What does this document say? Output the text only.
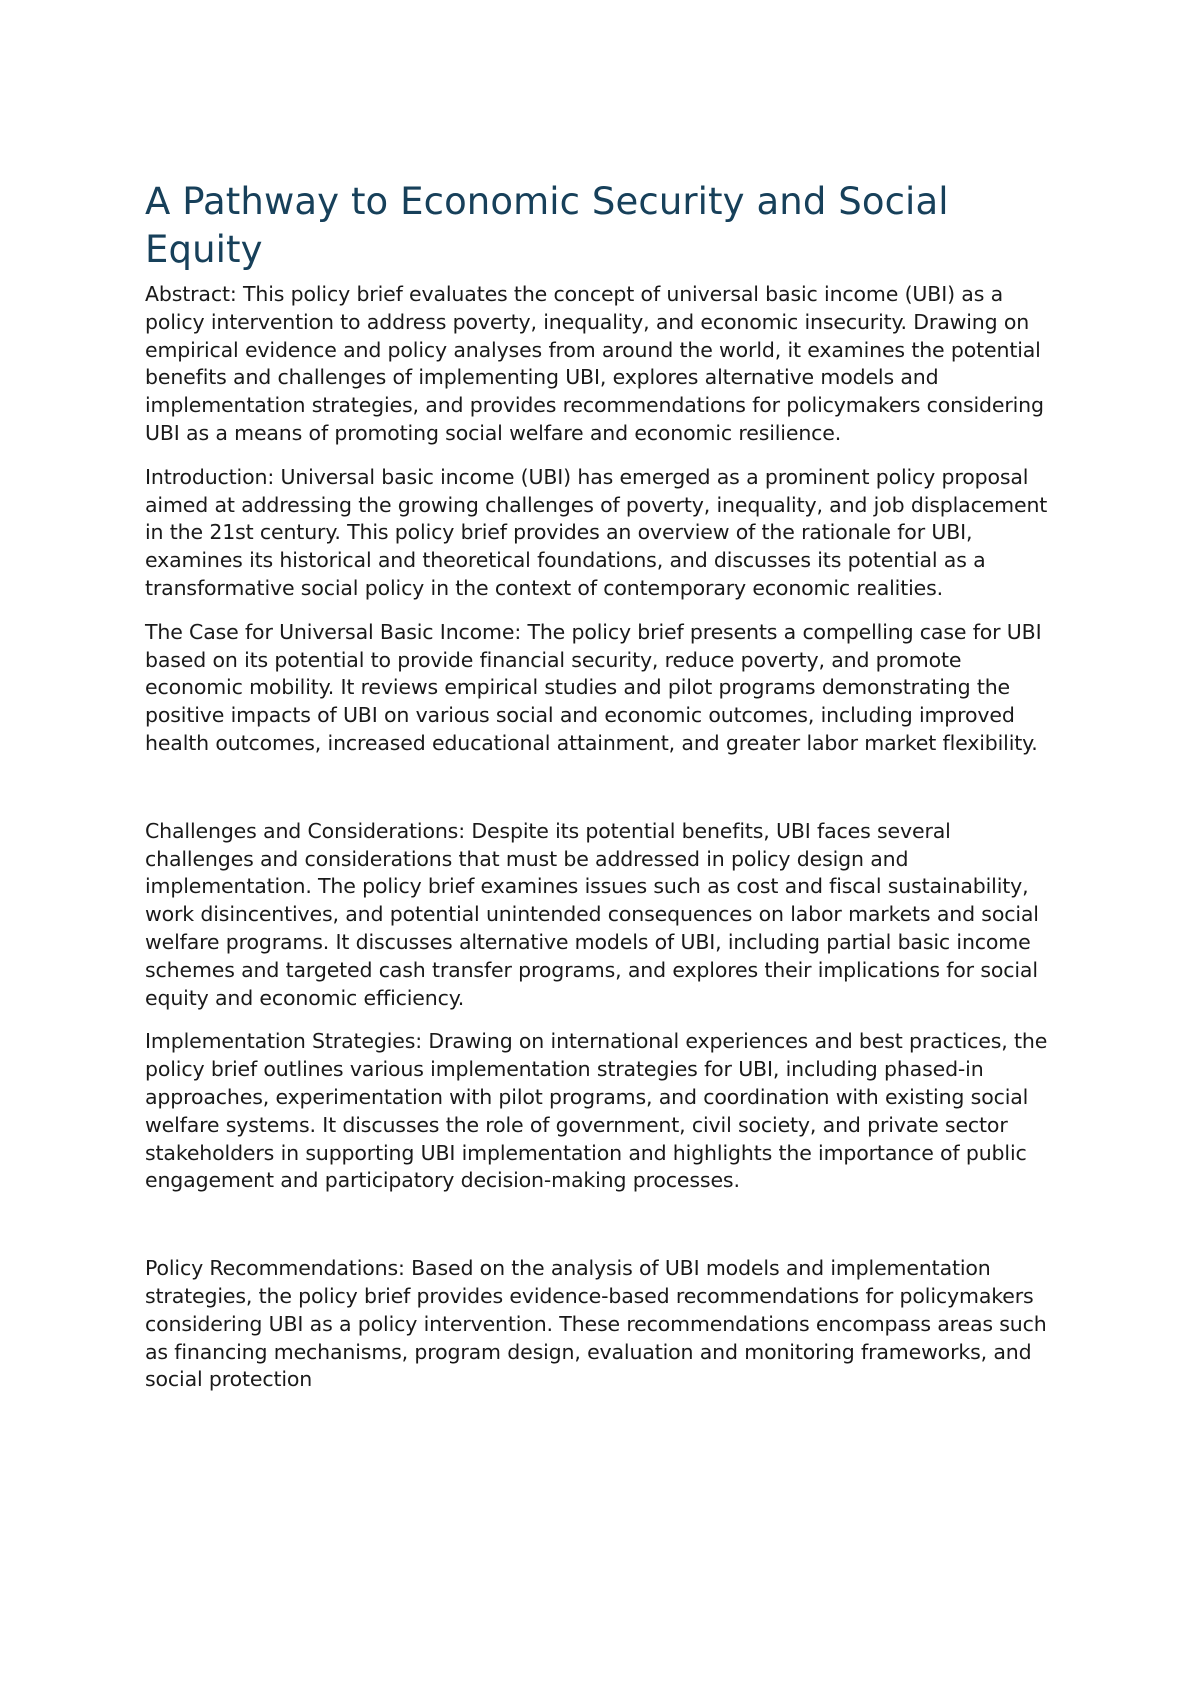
A Pathway to Economic Security and Social Equity

Abstract: This policy brief evaluates the concept of universal basic income (UBI) as a policy intervention to address poverty, inequality, and economic insecurity. Drawing on empirical evidence and policy analyses from around the world, it examines the potential benefits and challenges of implementing UBI, explores alternative models and implementation strategies, and provides recommendations for policymakers considering UBI as a means of promoting social welfare and economic resilience.

Introduction: Universal basic income (UBI) has emerged as a prominent policy proposal aimed at addressing the growing challenges of poverty, inequality, and job displacement in the 21st century. This policy brief provides an overview of the rationale for UBI, examines its historical and theoretical foundations, and discusses its potential as a transformative social policy in the context of contemporary economic realities.

The Case for Universal Basic Income: The policy brief presents a compelling case for UBI based on its potential to provide financial security, reduce poverty, and promote economic mobility. It reviews empirical studies and pilot programs demonstrating the positive impacts of UBI on various social and economic outcomes, including improved health outcomes, increased educational attainment, and greater labor market flexibility.

Challenges and Considerations: Despite its potential benefits, UBI faces several challenges and considerations that must be addressed in policy design and implementation. The policy brief examines issues such as cost and fiscal sustainability, work disincentives, and potential unintended consequences on labor markets and social welfare programs. It discusses alternative models of UBI, including partial basic income schemes and targeted cash transfer programs, and explores their implications for social equity and economic efficiency.

Implementation Strategies: Drawing on international experiences and best practices, the policy brief outlines various implementation strategies for UBI, including phased-in approaches, experimentation with pilot programs, and coordination with existing social welfare systems. It discusses the role of government, civil society, and private sector stakeholders in supporting UBI implementation and highlights the importance of public engagement and participatory decision-making processes.

Policy Recommendations: Based on the analysis of UBI models and implementation strategies, the policy brief provides evidence-based recommendations for policymakers considering UBI as a policy intervention. These recommendations encompass areas such as financing mechanisms, program design, evaluation and monitoring frameworks, and social protection
